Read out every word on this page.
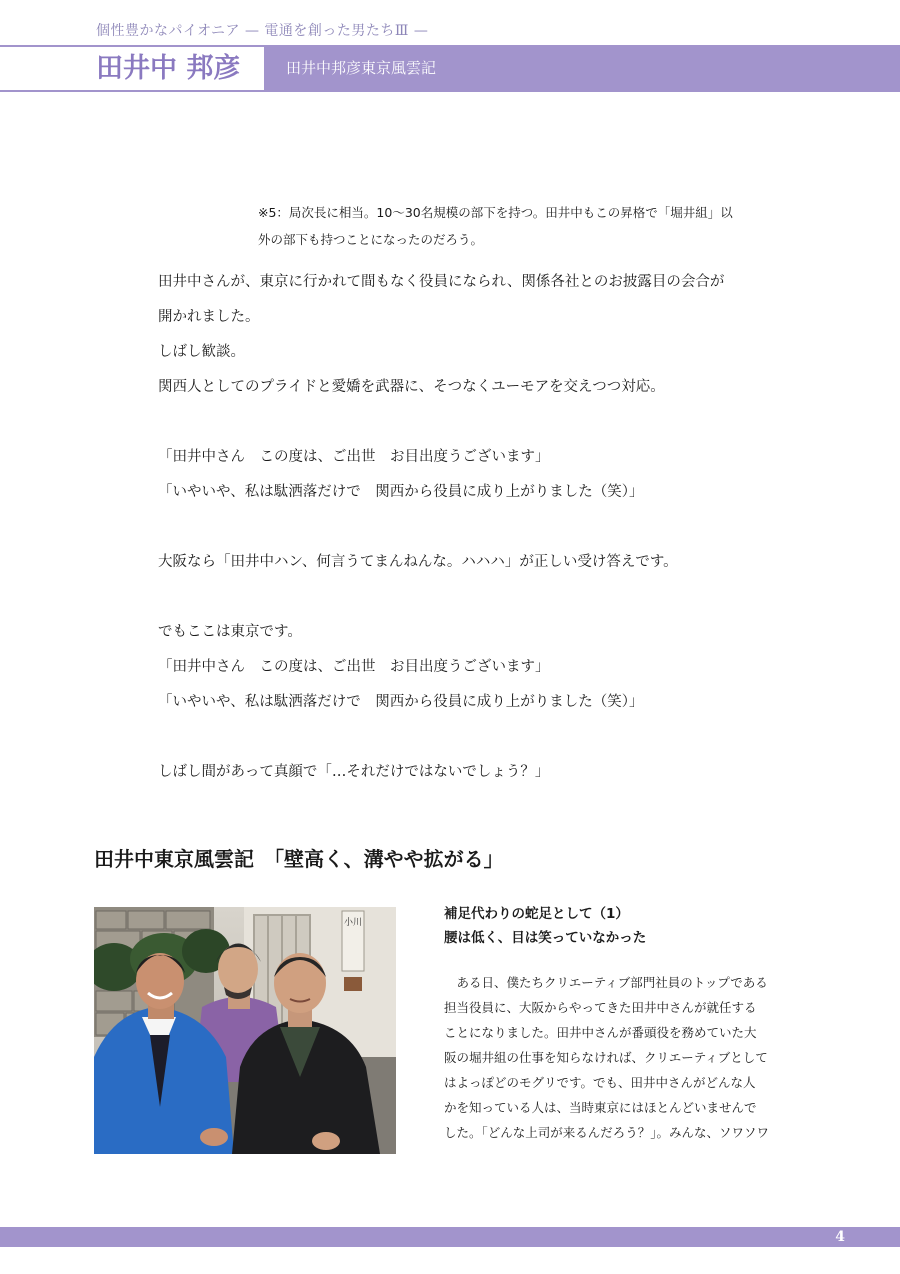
個性豊かなパイオニア — 電通を創った男たちⅢ —
田井中 邦彦	田井中邦彦東京風雲記

※5：局次長に相当。10〜30名規模の部下を持つ。田井中もこの昇格で「堀井組」以

外の部下も持つことになったのだろう。

田井中さんが、東京に行かれて間もなく役員になられ、関係各社とのお披露目の会合が

開かれました。

しばし歓談。

関西人としてのプライドと愛嬌を武器に、そつなくユーモアを交えつつ対応。

「田井中さん　この度は、ご出世　お目出度うございます」

「いやいや、私は駄洒落だけで　関西から役員に成り上がりました（笑）」

大阪なら「田井中ハン、何言うてまんねんな。ハハハ」が正しい受け答えです。

でもここは東京です。

「田井中さん　この度は、ご出世　お目出度うございます」

「いやいや、私は駄洒落だけで　関西から役員に成り上がりました（笑）」

しばし間があって真顔で「…それだけではないでしょう？」

田井中東京風雲記　「壁高く、溝やや拡がる」
小川
補足代わりの蛇足として（1）
腰は低く、目は笑っていなかった

　ある日、僕たちクリエーティブ部門社員のトップである

担当役員に、大阪からやってきた田井中さんが就任する

ことになりました。田井中さんが番頭役を務めていた大

阪の堀井組の仕事を知らなければ、クリエーティブとして

はよっぽどのモグリです。でも、田井中さんがどんな人

かを知っている人は、当時東京にはほとんどいませんで

した。「どんな上司が来るんだろう？」。みんな、ソワソワ

4
